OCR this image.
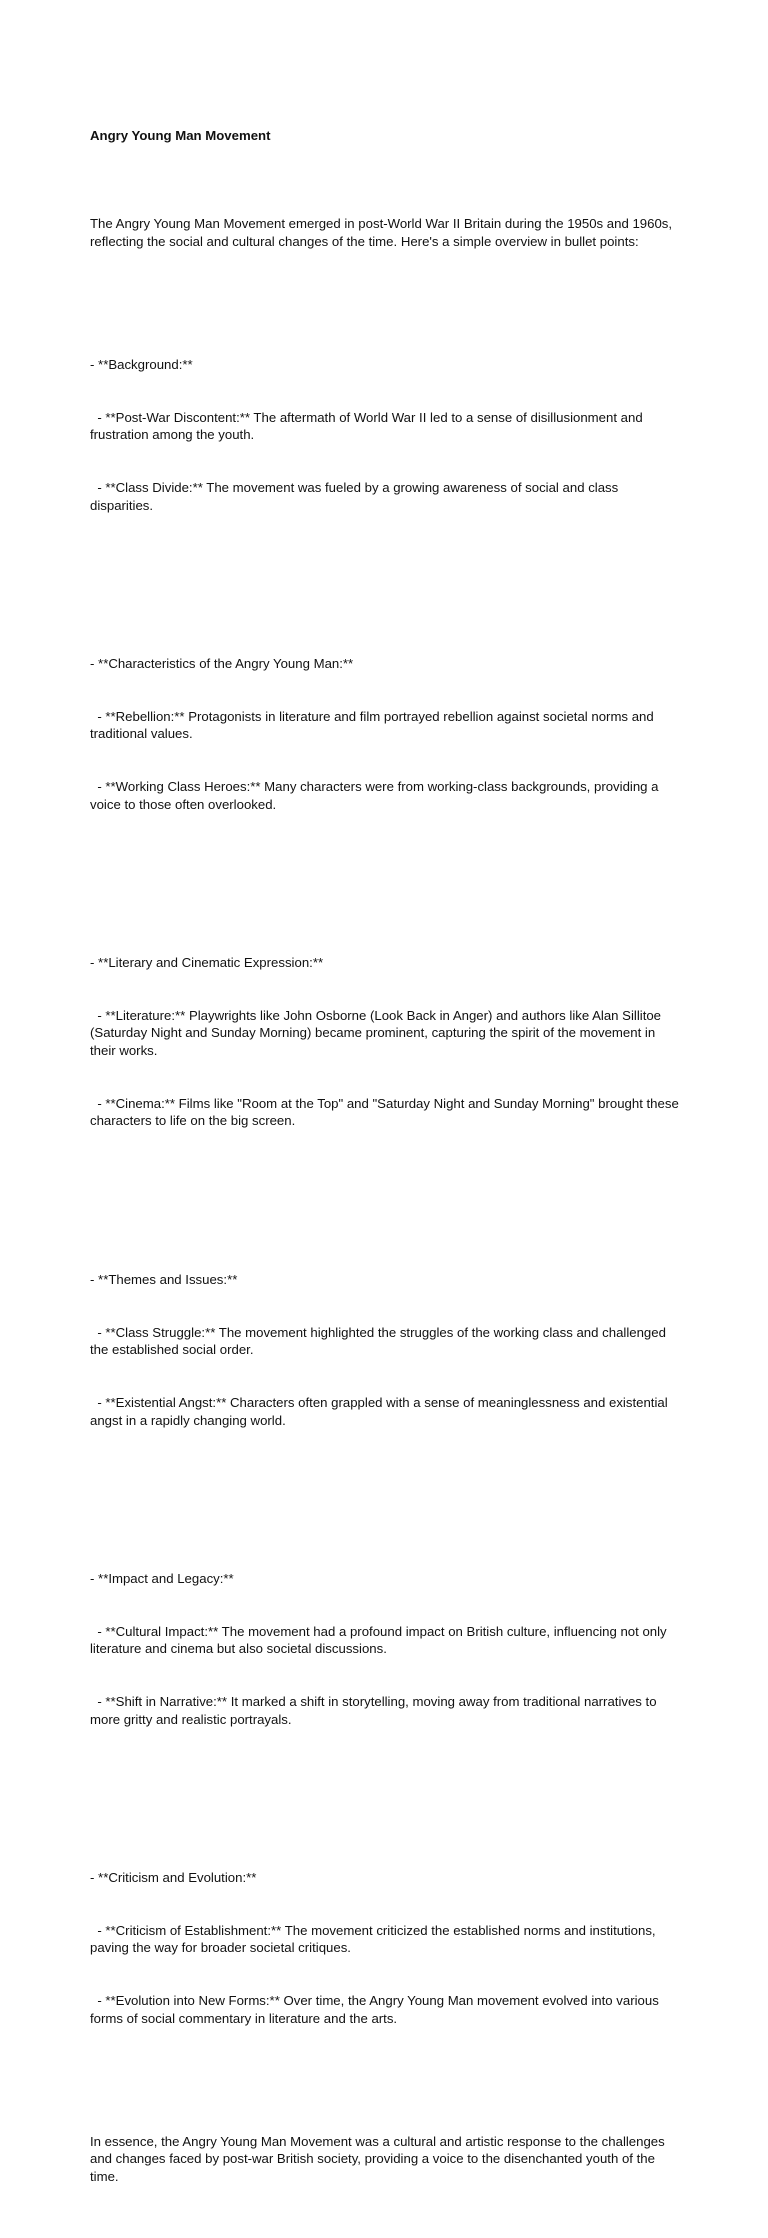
Angry Young Man Movement

The Angry Young Man Movement emerged in post-World War II Britain during the 1950s and 1960s, reflecting the social and cultural changes of the time. Here's a simple overview in bullet points:

- **Background:**

- **Post-War Discontent:** The aftermath of World War II led to a sense of disillusionment and frustration among the youth.

- **Class Divide:** The movement was fueled by a growing awareness of social and class disparities.

- **Characteristics of the Angry Young Man:**

- **Rebellion:** Protagonists in literature and film portrayed rebellion against societal norms and traditional values.

- **Working Class Heroes:** Many characters were from working-class backgrounds, providing a voice to those often overlooked.

- **Literary and Cinematic Expression:**

- **Literature:** Playwrights like John Osborne (Look Back in Anger) and authors like Alan Sillitoe (Saturday Night and Sunday Morning) became prominent, capturing the spirit of the movement in their works.

- **Cinema:** Films like "Room at the Top" and "Saturday Night and Sunday Morning" brought these characters to life on the big screen.

- **Themes and Issues:**

- **Class Struggle:** The movement highlighted the struggles of the working class and challenged the established social order.

- **Existential Angst:** Characters often grappled with a sense of meaninglessness and existential angst in a rapidly changing world.

- **Impact and Legacy:**

- **Cultural Impact:** The movement had a profound impact on British culture, influencing not only literature and cinema but also societal discussions.

- **Shift in Narrative:** It marked a shift in storytelling, moving away from traditional narratives to more gritty and realistic portrayals.

- **Criticism and Evolution:**

- **Criticism of Establishment:** The movement criticized the established norms and institutions, paving the way for broader societal critiques.

- **Evolution into New Forms:** Over time, the Angry Young Man movement evolved into various forms of social commentary in literature and the arts.

In essence, the Angry Young Man Movement was a cultural and artistic response to the challenges and changes faced by post-war British society, providing a voice to the disenchanted youth of the time.
